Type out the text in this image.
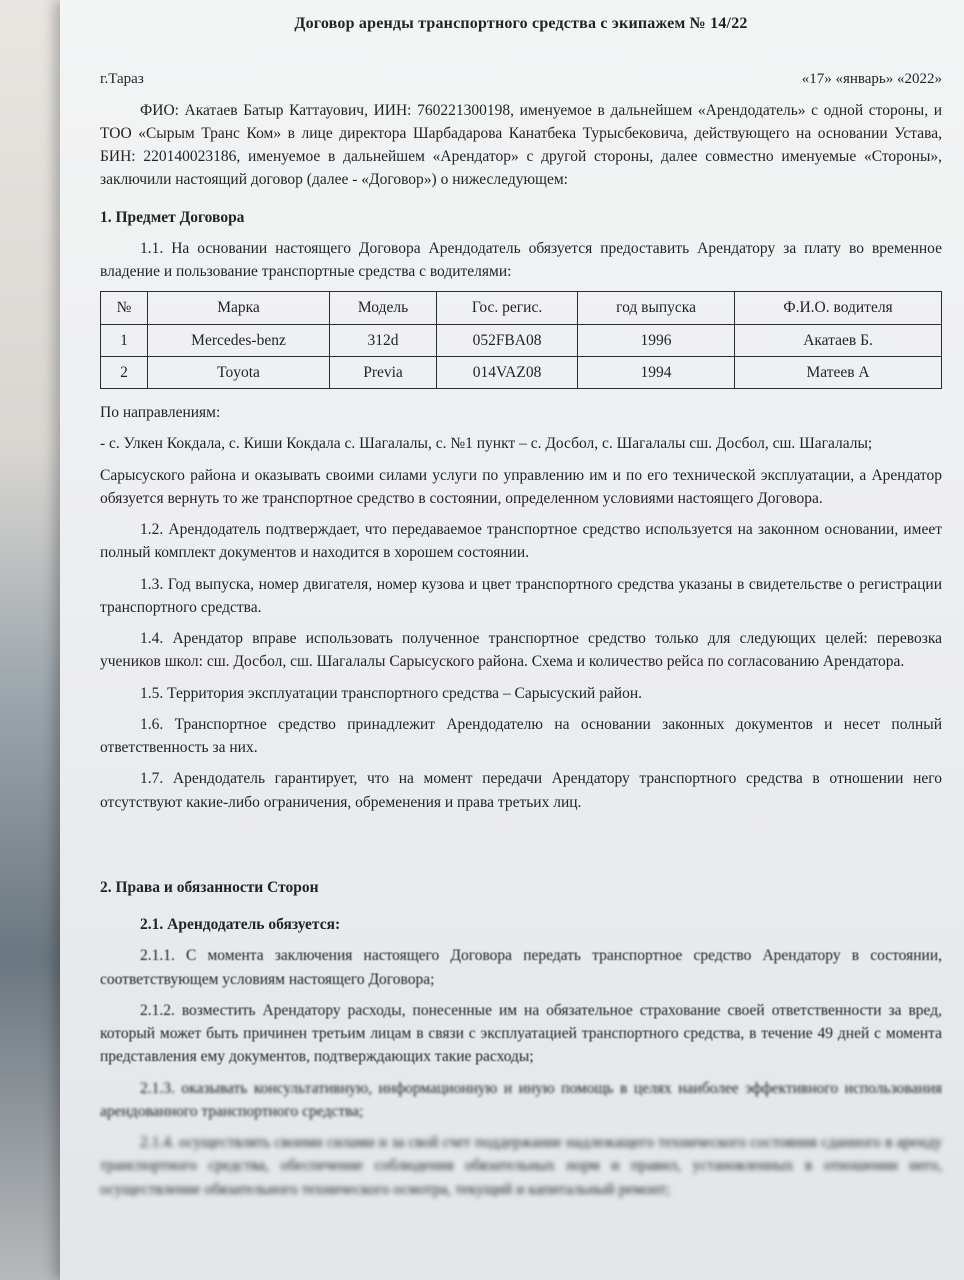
Договор аренды транспортного средства с экипажем № 14/22
г.Тараз	«17» «январь» «2022»

ФИО: Акатаев Батыр Каттауович, ИИН: 760221300198, именуемое в дальнейшем «Арендодатель» с одной стороны, и ТОО «Сырым Транс Ком» в лице директора Шарбадарова Канатбека Турысбековича, действующего на основании Устава, БИН: 220140023186, именуемое в дальнейшем «Арендатор» с другой стороны, далее совместно именуемые «Стороны», заключили настоящий договор (далее - «Договор») о нижеследующем:

1. Предмет Договора

1.1. На основании настоящего Договора Арендодатель обязуется предоставить Арендатору за плату во временное владение и пользование транспортные средства с водителями:

№	Марка	Модель	Гос. регис.	год выпуска	Ф.И.О. водителя
1	Mercedes-benz	312d	052FBA08	1996	Акатаев Б.
2	Toyota	Previa	014VAZ08	1994	Матеев А

По направлениям:

- с. Улкен Кокдала, с. Киши Кокдала с. Шагалалы, с. №1 пункт – с. Досбол, с. Шагалалы сш. Досбол, сш. Шагалалы;

Сарысуского района и оказывать своими силами услуги по управлению им и по его технической эксплуатации, а Арендатор обязуется вернуть то же транспортное средство в состоянии, определенном условиями настоящего Договора.

1.2. Арендодатель подтверждает, что передаваемое транспортное средство используется на законном основании, имеет полный комплект документов и находится в хорошем состоянии.

1.3. Год выпуска, номер двигателя, номер кузова и цвет транспортного средства указаны в свидетельстве о регистрации транспортного средства.

1.4. Арендатор вправе использовать полученное транспортное средство только для следующих целей: перевозка учеников школ: сш. Досбол, сш. Шагалалы Сарысуского района. Схема и количество рейса по согласованию Арендатора.

1.5. Территория эксплуатации транспортного средства – Сарысуский район.

1.6. Транспортное средство принадлежит Арендодателю на основании законных документов и несет полный ответственность за них.

1.7. Арендодатель гарантирует, что на момент передачи Арендатору транспортного средства в отношении него отсутствуют какие-либо ограничения, обременения и права третьих лиц.

2. Права и обязанности Сторон
2.1. Арендодатель обязуется:

2.1.1. С момента заключения настоящего Договора передать транспортное средство Арендатору в состоянии, соответствующем условиям настоящего Договора;

2.1.2. возместить Арендатору расходы, понесенные им на обязательное страхование своей ответственности за вред, который может быть причинен третьим лицам в связи с эксплуатацией транспортного средства, в течение 49 дней с момента представления ему документов, подтверждающих такие расходы;

2.1.3. оказывать консультативную, информационную и иную помощь в целях наиболее эффективного использования арендованного транспортного средства;

2.1.4. осуществлять своими силами и за свой счет поддержание надлежащего технического состояния сданного в аренду транспортного средства, обеспечение соблюдения обязательных норм и правил, установленных в отношении него, осуществление обязательного технического осмотра, текущий и капитальный ремонт;
